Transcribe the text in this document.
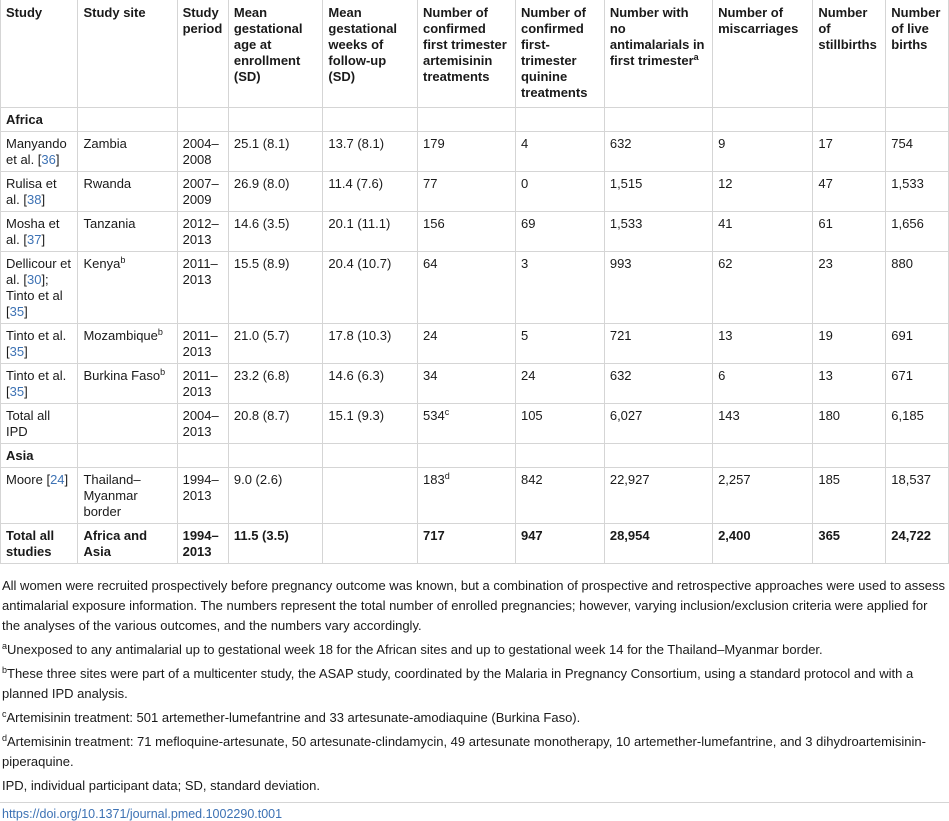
Study	Study site	Study period	Mean gestational age at enrollment (SD)	Mean gestational weeks of follow-up (SD)	Number of confirmed first trimester artemisinin treatments	Number of confirmed first-trimester quinine treatments	Number with no antimalarials in first trimester$^a$	Number of miscarriages	Number of stillbirths	Number of live births
Africa										
Manyando et al. [36]	Zambia	2004–2008	25.1 (8.1)	13.7 (8.1)	179	4	632	9	17	754
Rulisa et al. [38]	Rwanda	2007–2009	26.9 (8.0)	11.4 (7.6)	77	0	1,515	12	47	1,533
Mosha et al. [37]	Tanzania	2012–2013	14.6 (3.5)	20.1 (11.1)	156	69	1,533	41	61	1,656
Dellicour et al. [30]; Tinto et al [35]	Kenya$^b$	2011–2013	15.5 (8.9)	20.4 (10.7)	64	3	993	62	23	880
Tinto et al. [35]	Mozambique$^b$	2011–2013	21.0 (5.7)	17.8 (10.3)	24	5	721	13	19	691
Tinto et al. [35]	Burkina Faso$^b$	2011–2013	23.2 (6.8)	14.6 (6.3)	34	24	632	6	13	671
Total all IPD		2004–2013	20.8 (8.7)	15.1 (9.3)	534$^c$	105	6,027	143	180	6,185
Asia										
Moore [24]	Thailand–Myanmar border	1994–2013	9.0 (2.6)		183$^d$	842	22,927	2,257	185	18,537
Total all studies	Africa and Asia	1994–2013	11.5 (3.5)		717	947	28,954	2,400	365	24,722

All women were recruited prospectively before pregnancy outcome was known, but a combination of prospective and retrospective approaches were used to assess antimalarial exposure information. The numbers represent the total number of enrolled pregnancies; however, varying inclusion/exclusion criteria were applied for the analyses of the various outcomes, and the numbers vary accordingly.

$^a$Unexposed to any antimalarial up to gestational week 18 for the African sites and up to gestational week 14 for the Thailand–Myanmar border.

$^b$These three sites were part of a multicenter study, the ASAP study, coordinated by the Malaria in Pregnancy Consortium, using a standard protocol and with a planned IPD analysis.

$^c$Artemisinin treatment: 501 artemether-lumefantrine and 33 artesunate-amodiaquine (Burkina Faso).

$^d$Artemisinin treatment: 71 mefloquine-artesunate, 50 artesunate-clindamycin, 49 artesunate monotherapy, 10 artemether-lumefantrine, and 3 dihydroartemisinin-piperaquine.

IPD, individual participant data; SD, standard deviation.

https://doi.org/10.1371/journal.pmed.1002290.t001
